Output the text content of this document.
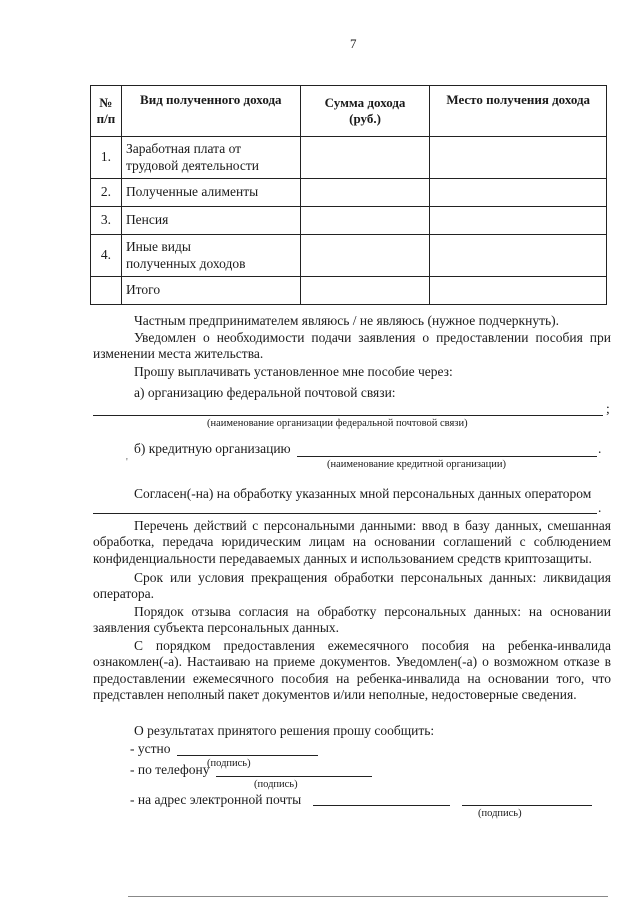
7
№ п/п	Вид полученного дохода	Сумма дохода (руб.)	Место получения дохода
1.	Заработная плата от трудовой деятельности		
2.	Полученные алименты		
3.	Пенсия		
4.	Иные виды полученных доходов		
	Итого		
Частным предпринимателем являюсь / не являюсь (нужное подчеркнуть).
Уведомлен о необходимости подачи заявления о предоставлении пособия при изменении места жительства.
Прошу выплачивать установленное мне пособие через:
а) организацию федеральной почтовой связи:
;
(наименование организации федеральной почтовой связи)
б) кредитную организацию	.
'	(наименование кредитной организации)
Согласен(-на) на обработку указанных мной персональных данных оператором
.
Перечень действий с персональными данными: ввод в базу данных, смешанная обработка, передача юридическим лицам на основании соглашений с соблюдением конфиденциальности передаваемых данных и использованием средств криптозащиты.
Срок или условия прекращения обработки персональных данных: ликвидация оператора.
Порядок отзыва согласия на обработку персональных данных: на основании заявления субъекта персональных данных.
С порядком предоставления ежемесячного пособия на ребенка-инвалида ознакомлен(-а). Настаиваю на приеме документов. Уведомлен(-а) о возможном отказе в предоставлении ежемесячного пособия на ребенка-инвалида на основании того, что представлен неполный пакет документов и/или неполные, недостоверные сведения.
О результатах принятого решения прошу сообщить:
- устно
(подпись)
- по телефону
(подпись)
- на адрес электронной почты
(подпись)
